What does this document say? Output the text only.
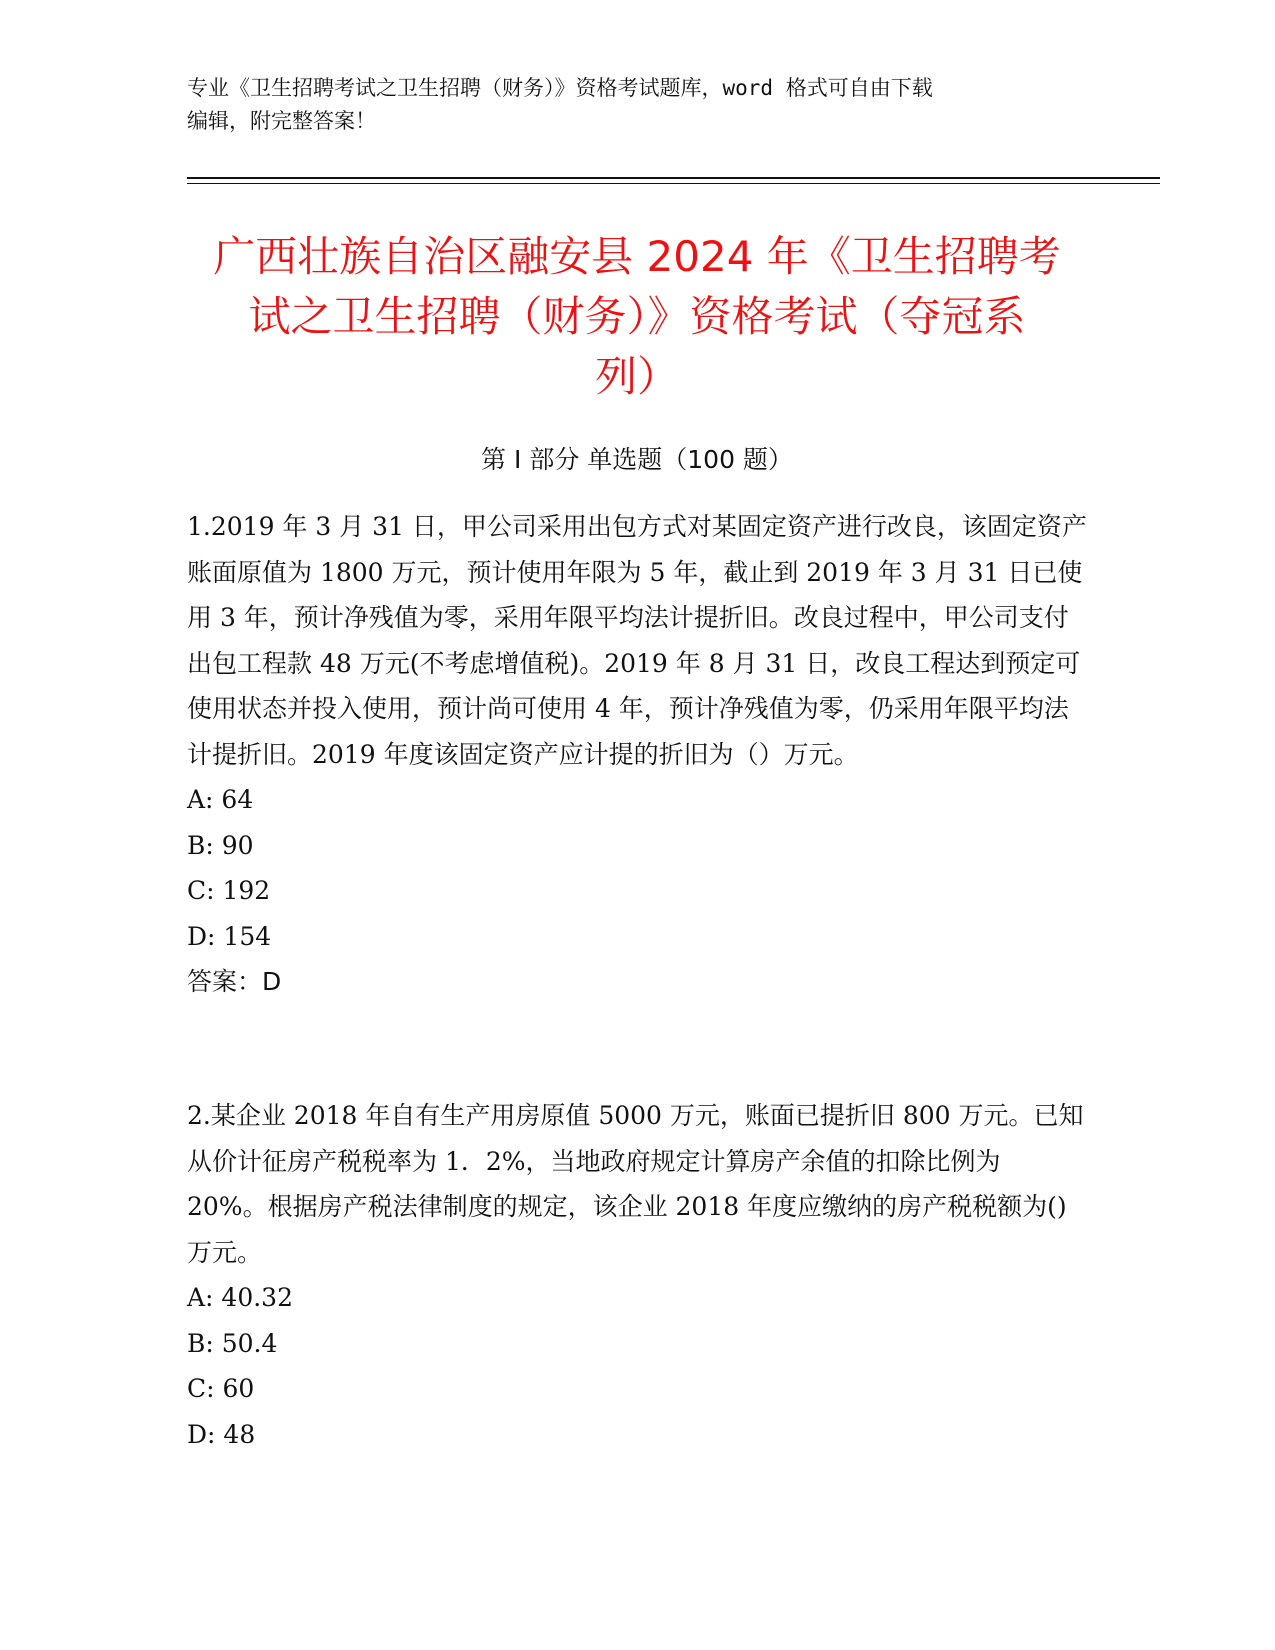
专业《卫生招聘考试之卫生招聘（财务）》资格考试题库，word 格式可自由下载
编辑，附完整答案！
广西壮族自治区融安县 2024 年《卫生招聘考
试之卫生招聘（财务）》资格考试（夺冠系
列）
第 I 部分 单选题（100 题）

1.2019 年 3 月 31 日，甲公司采用出包方式对某固定资产进行改良，该固定资产账面原值为 1800 万元，预计使用年限为 5 年，截止到 2019 年 3 月 31 日已使用 3 年，预计净残值为零，采用年限平均法计提折旧。改良过程中，甲公司支付出包工程款 48 万元(不考虑增值税)。2019 年 8 月 31 日，改良工程达到预定可使用状态并投入使用，预计尚可使用 4 年，预计净残值为零，仍采用年限平均法计提折旧。2019 年度该固定资产应计提的折旧为（）万元。

A: 64

B: 90

C: 192

D: 154

答案：D

2.某企业 2018 年自有生产用房原值 5000 万元，账面已提折旧 800 万元。已知从价计征房产税税率为 1．2%，当地政府规定计算房产余值的扣除比例为 20%。根据房产税法律制度的规定，该企业 2018 年度应缴纳的房产税税额为()万元。

A: 40.32

B: 50.4

C: 60

D: 48
